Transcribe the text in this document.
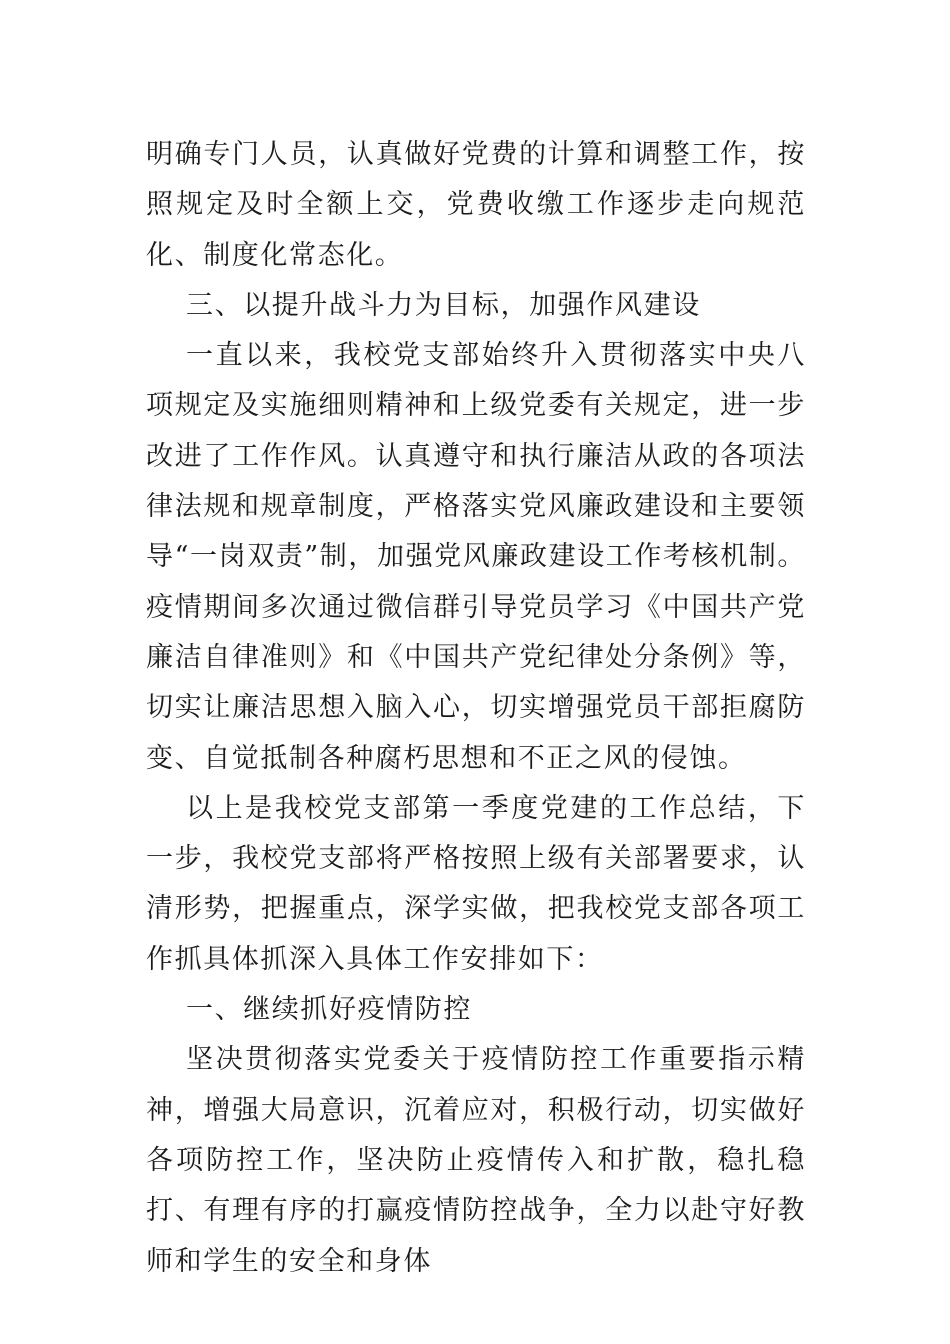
明确专门人员，认真做好党费的计算和调整工作，按照规定及时全额上交，党费收缴工作逐步走向规范化、制度化常态化。

三、以提升战斗力为目标，加强作风建设

一直以来，我校党支部始终升入贯彻落实中央八项规定及实施细则精神和上级党委有关规定，进一步改进了工作作风。认真遵守和执行廉洁从政的各项法律法规和规章制度，严格落实党风廉政建设和主要领导“一岗双责”制，加强党风廉政建设工作考核机制。疫情期间多次通过微信群引导党员学习《中国共产党廉洁自律准则》和《中国共产党纪律处分条例》等，切实让廉洁思想入脑入心，切实增强党员干部拒腐防变、自觉抵制各种腐朽思想和不正之风的侵蚀。

以上是我校党支部第一季度党建的工作总结，下一步，我校党支部将严格按照上级有关部署要求，认清形势，把握重点，深学实做，把我校党支部各项工作抓具体抓深入具体工作安排如下：

一、继续抓好疫情防控

坚决贯彻落实党委关于疫情防控工作重要指示精神，增强大局意识，沉着应对，积极行动，切实做好各项防控工作，坚决防止疫情传入和扩散，稳扎稳打、有理有序的打赢疫情防控战争，全力以赴守好教师和学生的安全和身体
